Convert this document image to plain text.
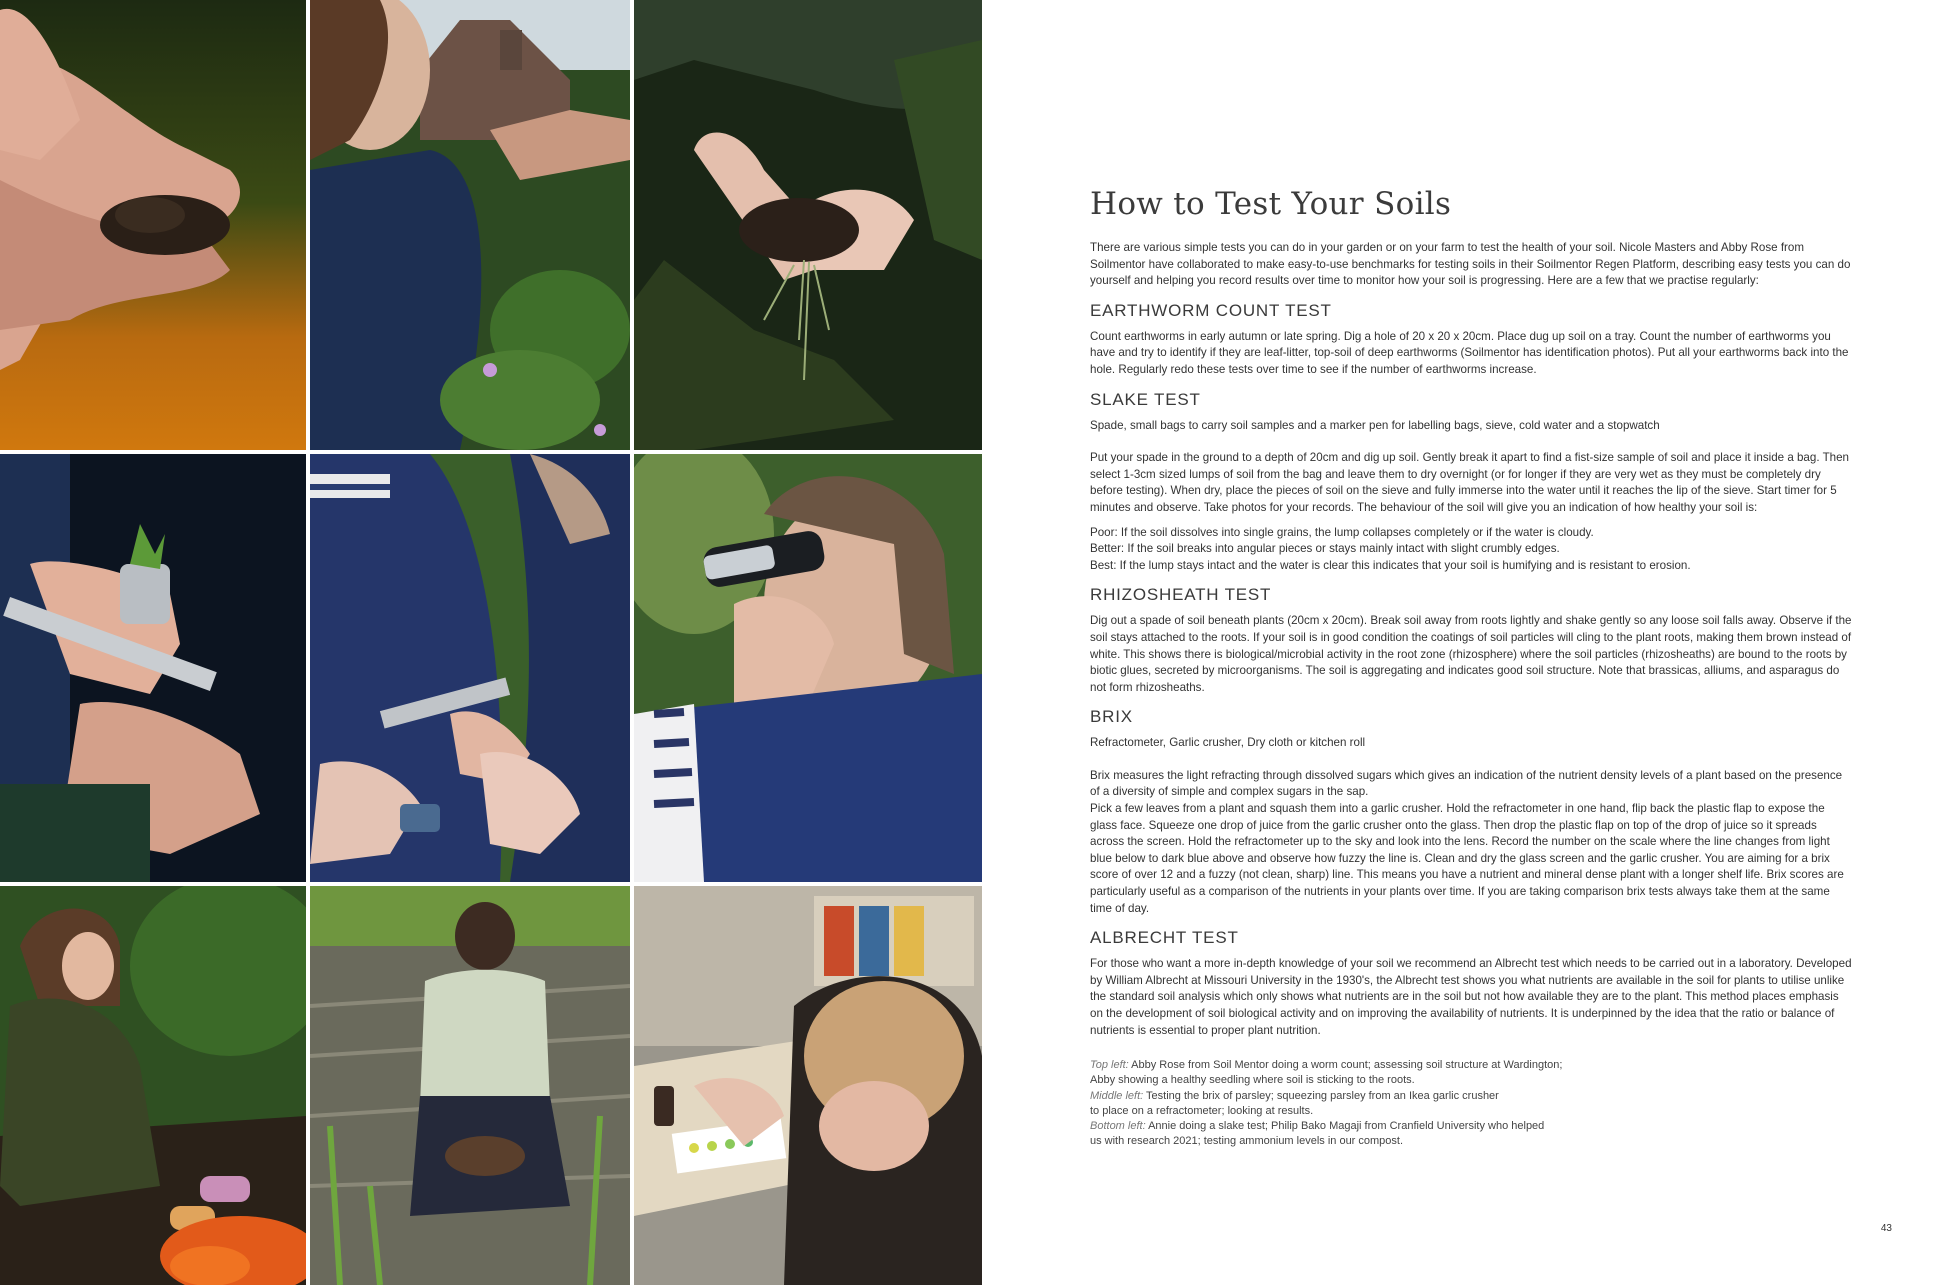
How to Test Your Soils

There are various simple tests you can do in your garden or on your farm to test the health of your soil. Nicole Masters and Abby Rose from Soilmentor have collaborated to make easy-to-use benchmarks for testing soils in their Soilmentor Regen Platform, describing easy tests you can do yourself and helping you record results over time to monitor how your soil is progressing. Here are a few that we practise regularly:

EARTHWORM COUNT TEST

Count earthworms in early autumn or late spring. Dig a hole of 20 x 20 x 20cm. Place dug up soil on a tray. Count the number of earthworms you have and try to identify if they are leaf-litter, top-soil of deep earthworms (Soilmentor has identification photos). Put all your earthworms back into the hole. Regularly redo these tests over time to see if the number of earthworms increase.

SLAKE TEST

Spade, small bags to carry soil samples and a marker pen for labelling bags, sieve, cold water and a stopwatch

Put your spade in the ground to a depth of 20cm and dig up soil. Gently break it apart to find a fist-size sample of soil and place it inside a bag. Then select 1-3cm sized lumps of soil from the bag and leave them to dry overnight (or for longer if they are very wet as they must be completely dry before testing). When dry, place the pieces of soil on the sieve and fully immerse into the water until it reaches the lip of the sieve. Start timer for 5 minutes and observe. Take photos for your records. The behaviour of the soil will give you an indication of how healthy your soil is:

Poor: If the soil dissolves into single grains, the lump collapses completely or if the water is cloudy.

Better: If the soil breaks into angular pieces or stays mainly intact with slight crumbly edges.

Best: If the lump stays intact and the water is clear this indicates that your soil is humifying and is resistant to erosion.

RHIZOSHEATH TEST

Dig out a spade of soil beneath plants (20cm x 20cm). Break soil away from roots lightly and shake gently so any loose soil falls away. Observe if the soil stays attached to the roots. If your soil is in good condition the coatings of soil particles will cling to the plant roots, making them brown instead of white. This shows there is biological/microbial activity in the root zone (rhizosphere) where the soil particles (rhizosheaths) are bound to the roots by biotic glues, secreted by microorganisms. The soil is aggregating and indicates good soil structure. Note that brassicas, alliums, and asparagus do not form rhizosheaths.

BRIX

Refractometer, Garlic crusher, Dry cloth or kitchen roll

Brix measures the light refracting through dissolved sugars which gives an indication of the nutrient density levels of a plant based on the presence of a diversity of simple and complex sugars in the sap.

Pick a few leaves from a plant and squash them into a garlic crusher. Hold the refractometer in one hand, flip back the plastic flap to expose the glass face. Squeeze one drop of juice from the garlic crusher onto the glass. Then drop the plastic flap on top of the drop of juice so it spreads across the screen. Hold the refractometer up to the sky and look into the lens. Record the number on the scale where the line changes from light blue below to dark blue above and observe how fuzzy the line is. Clean and dry the glass screen and the garlic crusher. You are aiming for a brix score of over 12 and a fuzzy (not clean, sharp) line. This means you have a nutrient and mineral dense plant with a longer shelf life. Brix scores are particularly useful as a comparison of the nutrients in your plants over time. If you are taking comparison brix tests always take them at the same time of day.

ALBRECHT TEST

For those who want a more in-depth knowledge of your soil we recommend an Albrecht test which needs to be carried out in a laboratory. Developed by William Albrecht at Missouri University in the 1930's, the Albrecht test shows you what nutrients are available in the soil for plants to utilise unlike the standard soil analysis which only shows what nutrients are in the soil but not how available they are to the plant. This method places emphasis on the development of soil biological activity and on improving the availability of nutrients. It is underpinned by the idea that the ratio or balance of nutrients is essential to proper plant nutrition.

Top left: Abby Rose from Soil Mentor doing a worm count; assessing soil structure at Wardington;
Abby showing a healthy seedling where soil is sticking to the roots.
Middle left: Testing the brix of parsley; squeezing parsley from an Ikea garlic crusher
to place on a refractometer; looking at results.
Bottom left: Annie doing a slake test; Philip Bako Magaji from Cranfield University who helped
us with research 2021; testing ammonium levels in our compost.
43
